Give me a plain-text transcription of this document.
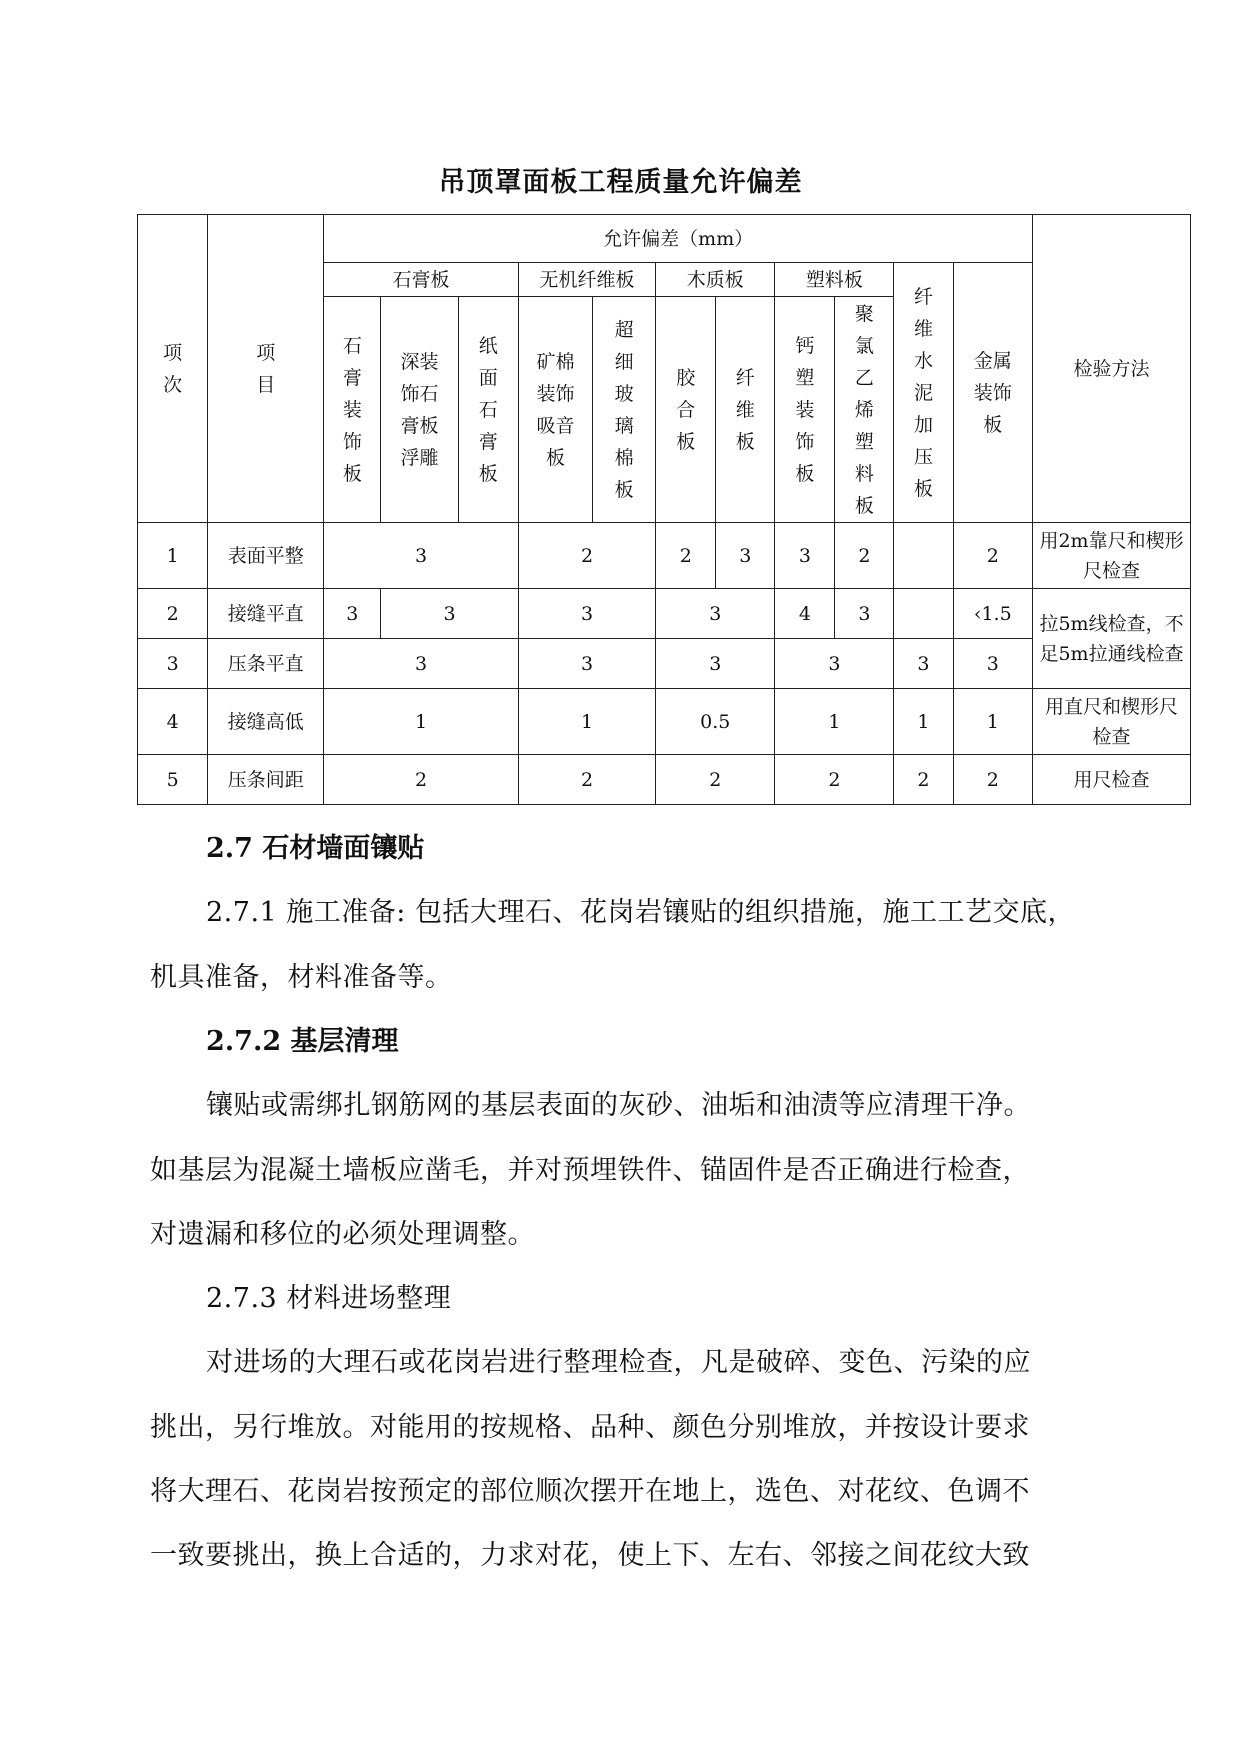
吊顶罩面板工程质量允许偏差
项次	项目	允许偏差（mm）											检验方法
		石膏板			无机纤维板		木质板		塑料板		纤维水泥加压板	金属装饰板	
		石膏装饰板	深装饰石膏板浮雕	纸面石膏板	矿棉装饰吸音板	超细玻璃棉板	胶合板	纤维板	钙塑装饰板	聚氯乙烯塑料板			
1	表面平整	3			2		2	3	3	2		2	用2m靠尺和楔形尺检查
2	接缝平直	3	3		3		3		4	3		‹1.5	拉5m线检查，不足5m拉通线检查
3	压条平直	3			3		3		3		3	3	
4	接缝高低	1			1		0.5		1		1	1	用直尺和楔形尺检查
5	压条间距	2			2		2		2		2	2	用尺检查
2.7 石材墙面镶贴
2.7.1 施工准备: 包括大理石、花岗岩镶贴的组织措施，施工工艺交底，
机具准备，材料准备等。
2.7.2 基层清理
镶贴或需绑扎钢筋网的基层表面的灰砂、油垢和油渍等应清理干净。
如基层为混凝土墙板应凿毛，并对预埋铁件、锚固件是否正确进行检查，
对遗漏和移位的必须处理调整。
2.7.3 材料进场整理
对进场的大理石或花岗岩进行整理检查，凡是破碎、变色、污染的应
挑出，另行堆放。对能用的按规格、品种、颜色分别堆放，并按设计要求
将大理石、花岗岩按预定的部位顺次摆开在地上，选色、对花纹、色调不
一致要挑出，换上合适的，力求对花，使上下、左右、邻接之间花纹大致
